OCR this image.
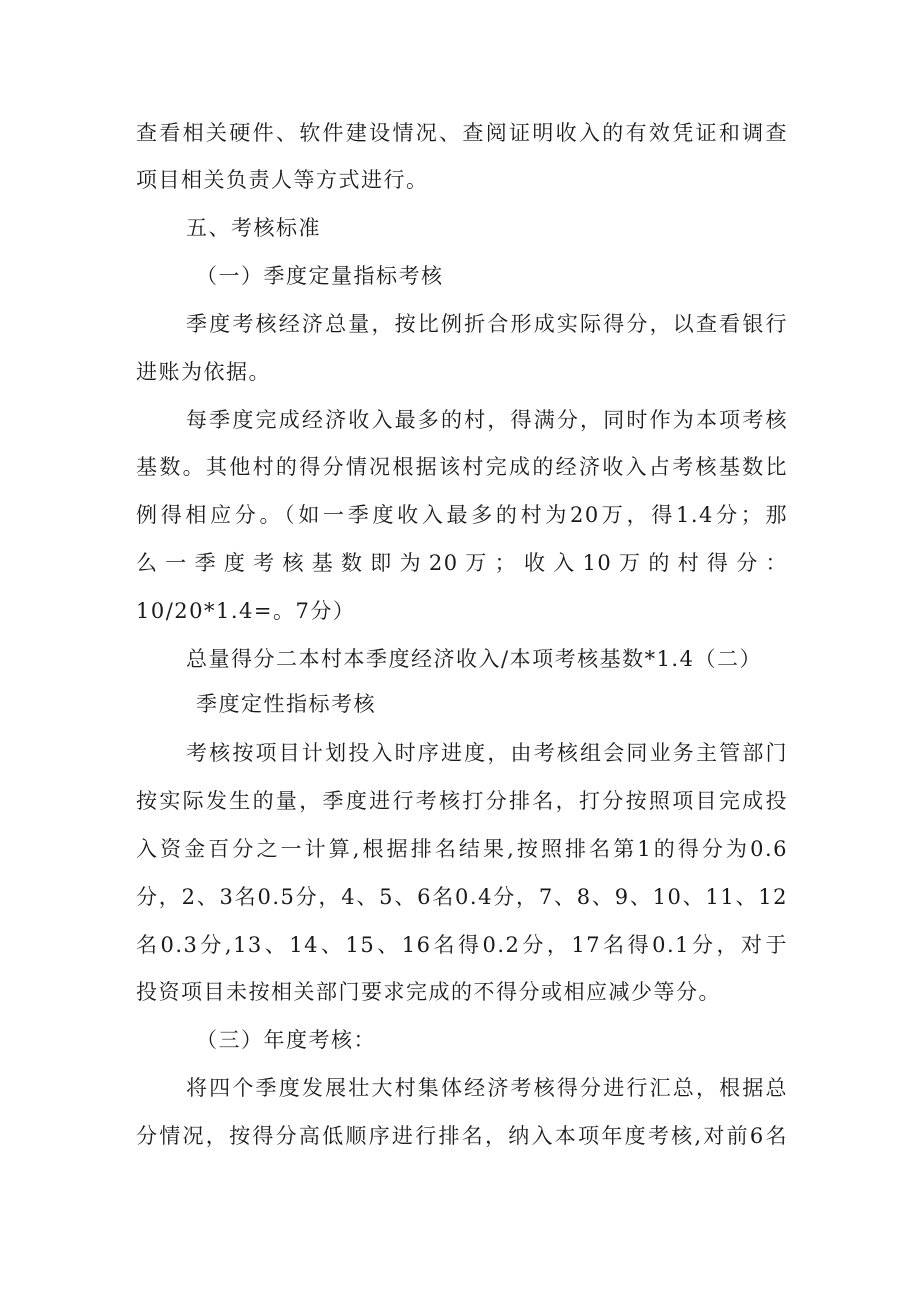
查看相关硬件、软件建设情况、查阅证明收入的有效凭证和调查
项目相关负责人等方式进行。
五、考核标准
（一）季度定量指标考核
季度考核经济总量，按比例折合形成实际得分，以查看银行
进账为依据。
每季度完成经济收入最多的村，得满分，同时作为本项考核
基数。其他村的得分情况根据该村完成的经济收入占考核基数比
例得相应分。（如一季度收入最多的村为20万，得1.4分；那
么一季度考核基数即为20万；收入10万的村得分：
10/20*1.4=。7分）
总量得分二本村本季度经济收入/本项考核基数*1.4（二）
季度定性指标考核
考核按项目计划投入时序进度，由考核组会同业务主管部门
按实际发生的量，季度进行考核打分排名，打分按照项目完成投
入资金百分之一计算,根据排名结果,按照排名第1的得分为0.6
分，2、3名0.5分，4、5、6名0.4分，7、8、9、10、11、12
名0.3分,13、14、15、16名得0.2分，17名得0.1分，对于
投资项目未按相关部门要求完成的不得分或相应减少等分。
（三）年度考核：
将四个季度发展壮大村集体经济考核得分进行汇总，根据总
分情况，按得分高低顺序进行排名，纳入本项年度考核,对前6名
